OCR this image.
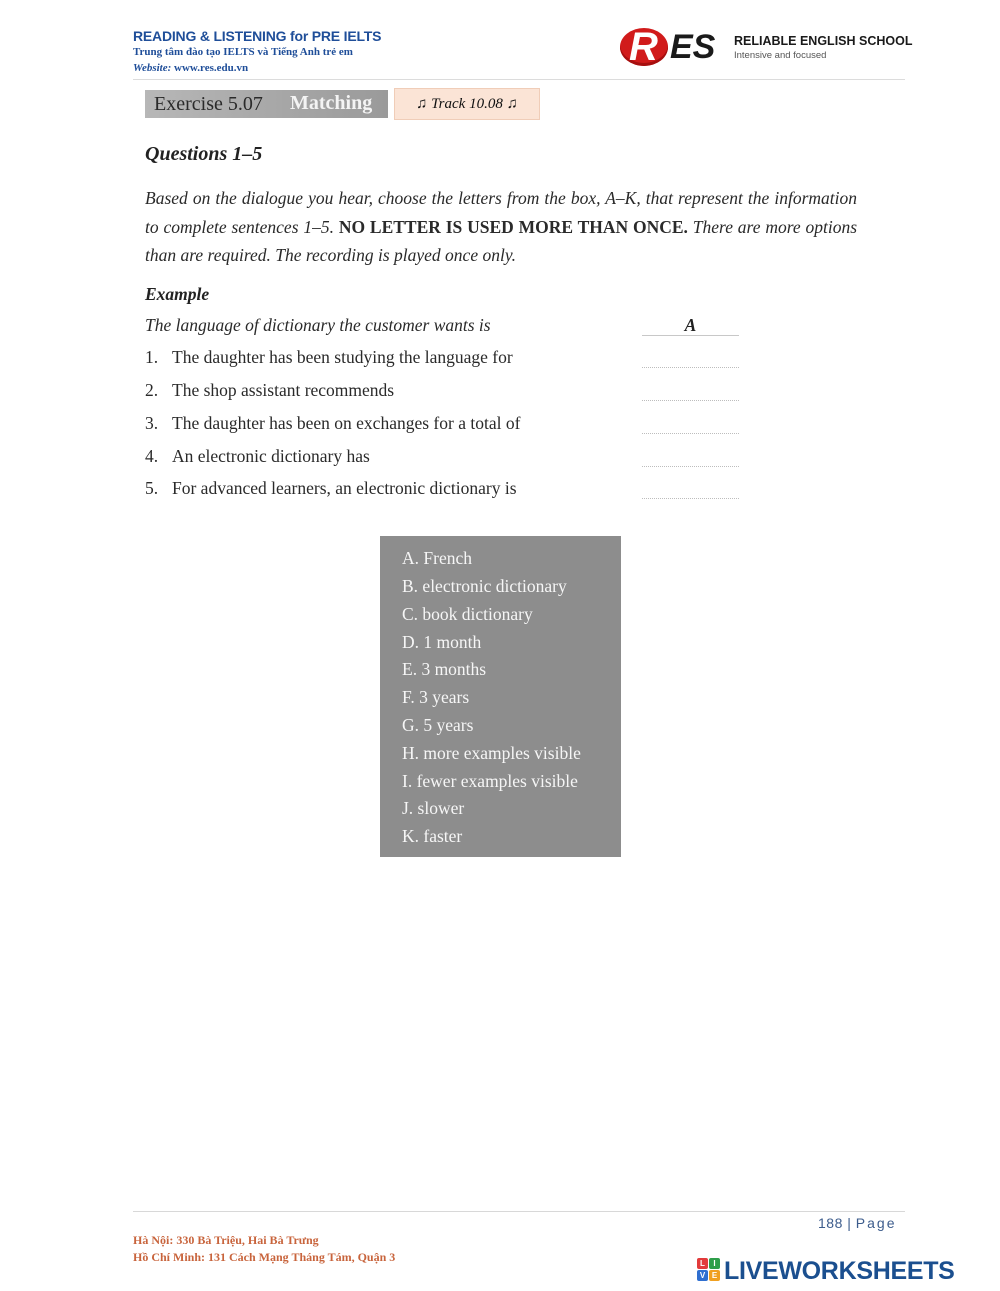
READING & LISTENING for PRE IELTS
Trung tâm đào tạo IELTS và Tiếng Anh trẻ em
Website: www.res.edu.vn	R ES RELIABLE ENGLISH SCHOOL
Intensive and focused
Exercise 5.07 Matching	♫ Track 10.08 ♫
Questions 1–5
Based on the dialogue you hear, choose the letters from the box, A–K, that represent the information to complete sentences 1–5. NO LETTER IS USED MORE THAN ONCE. There are more options than are required. The recording is played once only.
Example
The language of dictionary the customer wants is	A
1. The daughter has been studying the language for
2. The shop assistant recommends
3. The daughter has been on exchanges for a total of
4. An electronic dictionary has
5. For advanced learners, an electronic dictionary is
A. French
B. electronic dictionary
C. book dictionary
D. 1 month
E. 3 months
F. 3 years
G. 5 years
H. more examples visible
I. fewer examples visible
J. slower
K. faster
188 | Page
Hà Nội: 330 Bà Triệu, Hai Bà Trưng
Hồ Chí Minh: 131 Cách Mạng Tháng Tám, Quận 3	L	I
V E LIVEWORKSHEETS
